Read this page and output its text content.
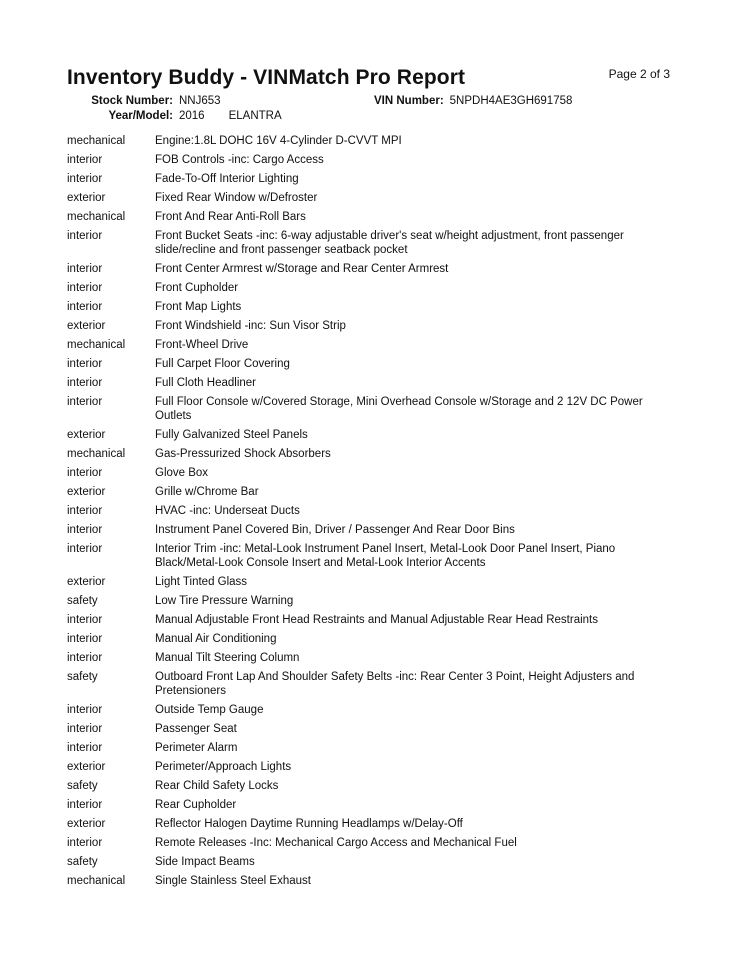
Inventory Buddy - VINMatch Pro Report	Page 2 of 3
Stock Number: NNJ653	VIN Number: 5NPDH4AE3GH691758
Year/Model: 2016 ELANTRA
mechanical	Engine:1.8L DOHC 16V 4-Cylinder D-CVVT MPI
interior	FOB Controls -inc: Cargo Access
interior	Fade-To-Off Interior Lighting
exterior	Fixed Rear Window w/Defroster
mechanical	Front And Rear Anti-Roll Bars
interior	Front Bucket Seats -inc: 6-way adjustable driver's seat w/height adjustment, front passenger slide/recline and front passenger seatback pocket
interior	Front Center Armrest w/Storage and Rear Center Armrest
interior	Front Cupholder
interior	Front Map Lights
exterior	Front Windshield -inc: Sun Visor Strip
mechanical	Front-Wheel Drive
interior	Full Carpet Floor Covering
interior	Full Cloth Headliner
interior	Full Floor Console w/Covered Storage, Mini Overhead Console w/Storage and 2 12V DC Power Outlets
exterior	Fully Galvanized Steel Panels
mechanical	Gas-Pressurized Shock Absorbers
interior	Glove Box
exterior	Grille w/Chrome Bar
interior	HVAC -inc: Underseat Ducts
interior	Instrument Panel Covered Bin, Driver / Passenger And Rear Door Bins
interior	Interior Trim -inc: Metal-Look Instrument Panel Insert, Metal-Look Door Panel Insert, Piano Black/Metal-Look Console Insert and Metal-Look Interior Accents
exterior	Light Tinted Glass
safety	Low Tire Pressure Warning
interior	Manual Adjustable Front Head Restraints and Manual Adjustable Rear Head Restraints
interior	Manual Air Conditioning
interior	Manual Tilt Steering Column
safety	Outboard Front Lap And Shoulder Safety Belts -inc: Rear Center 3 Point, Height Adjusters and Pretensioners
interior	Outside Temp Gauge
interior	Passenger Seat
interior	Perimeter Alarm
exterior	Perimeter/Approach Lights
safety	Rear Child Safety Locks
interior	Rear Cupholder
exterior	Reflector Halogen Daytime Running Headlamps w/Delay-Off
interior	Remote Releases -Inc: Mechanical Cargo Access and Mechanical Fuel
safety	Side Impact Beams
mechanical	Single Stainless Steel Exhaust
